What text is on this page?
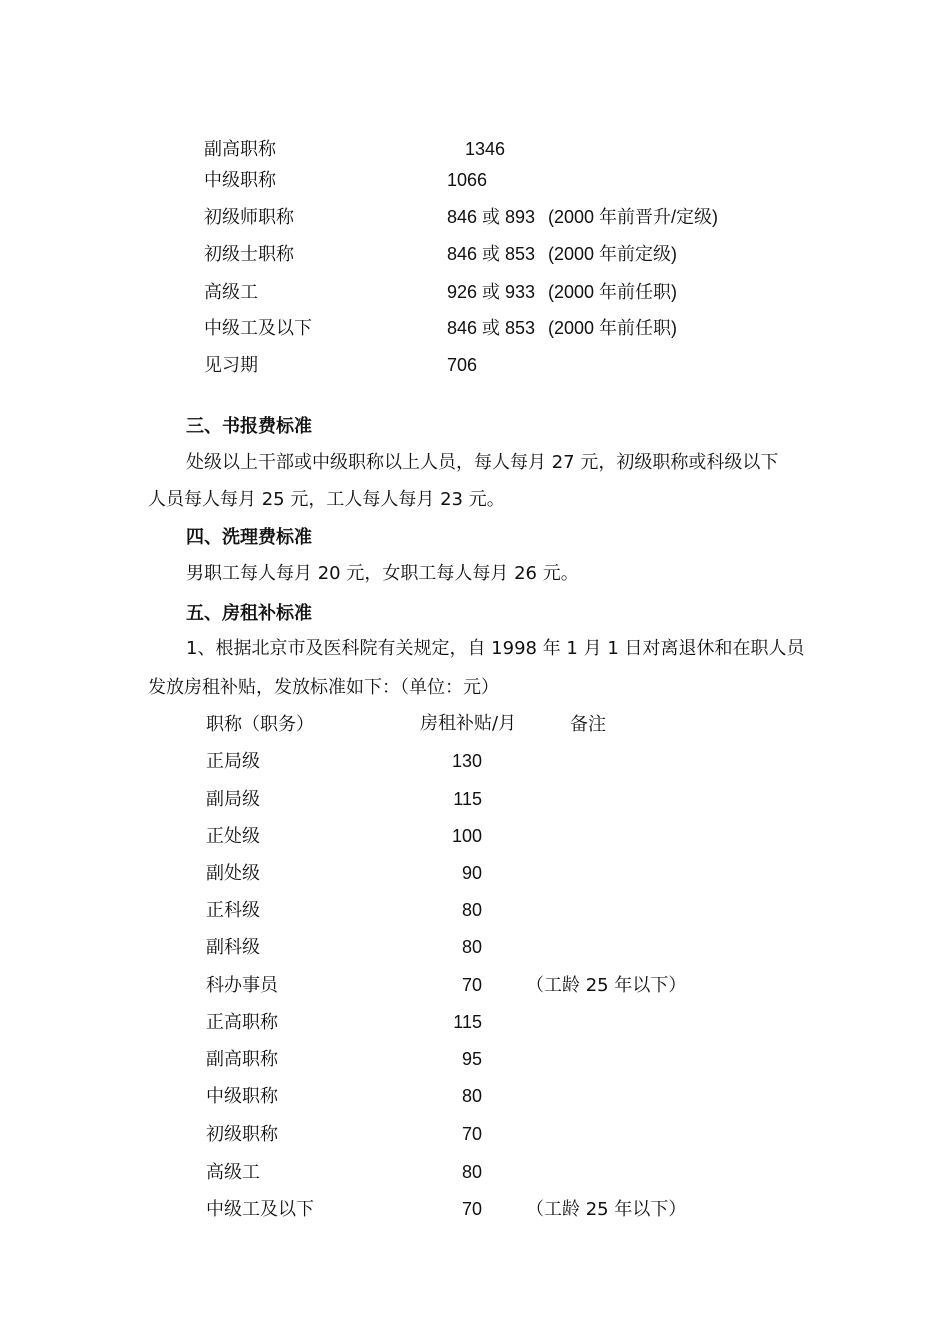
副高职称	1346
中级职称	1066
初级师职称	846 或 893 (2000 年前晋升/定级)
初级士职称	846 或 853 (2000 年前定级)
高级工	926 或 933 (2000 年前任职)
中级工及以下	846 或 853 (2000 年前任职)
见习期	706
三、书报费标准
处级以上干部或中级职称以上人员，每人每月 27 元，初级职称或科级以下
人员每人每月 25 元，工人每人每月 23 元。
四、洗理费标准
男职工每人每月 20 元，女职工每人每月 26 元。
五、房租补标准
1、根据北京市及医科院有关规定，自 1998 年 1 月 1 日对离退休和在职人员
发放房租补贴，发放标准如下：（单位：元）
职称（职务）	房租补贴/月	备注
正局级	130
副局级	115
正处级	100
副处级	90
正科级	80
副科级	80
科办事员	70 （工龄 25 年以下）
正高职称	115
副高职称	95
中级职称	80
初级职称	70
高级工	80
中级工及以下	70 （工龄 25 年以下）
